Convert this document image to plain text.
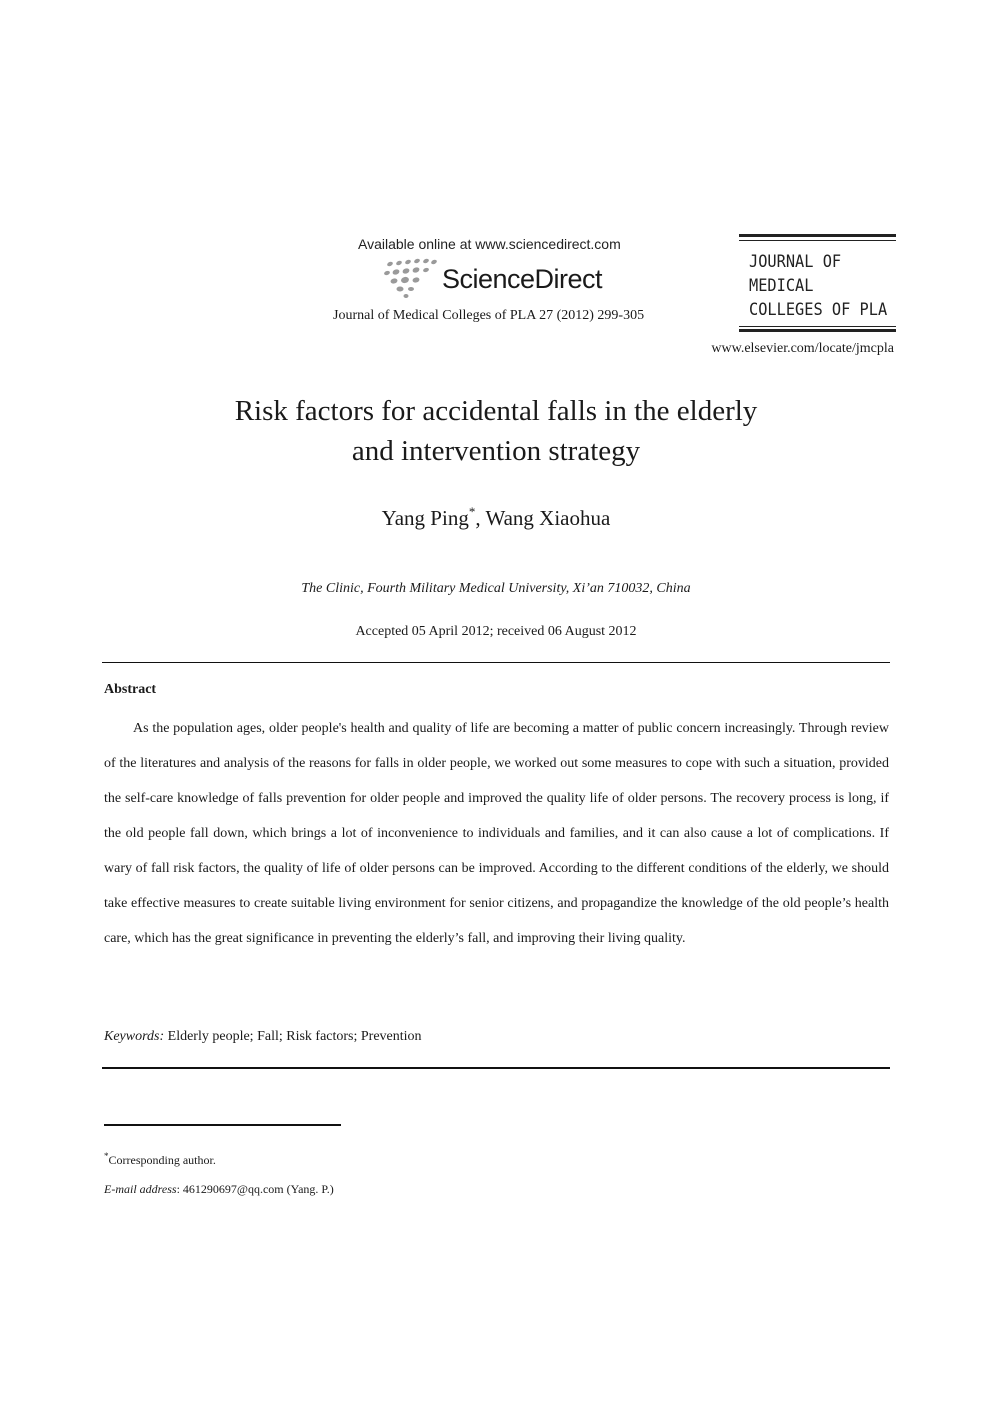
Available online at www.sciencedirect.com
ScienceDirect
Journal of Medical Colleges of PLA 27 (2012) 299-305
JOURNAL OF
MEDICAL
COLLEGES OF PLA
www.elsevier.com/locate/jmcpla
Risk factors for accidental falls in the elderly
and intervention strategy
Yang Ping*, Wang Xiaohua
The Clinic, Fourth Military Medical University, Xi’an 710032, China
Accepted 05 April 2012; received 06 August 2012
Abstract
As the population ages, older people's health and quality of life are becoming a matter of public concern increasingly. Through review of the literatures and analysis of the reasons for falls in older people, we worked out some measures to cope with such a situation, provided the self-care knowledge of falls prevention for older people and improved the quality life of older persons. The recovery process is long, if the old people fall down, which brings a lot of inconvenience to individuals and families, and it can also cause a lot of complications. If wary of fall risk factors, the quality of life of older persons can be improved. According to the different conditions of the elderly, we should take effective measures to create suitable living environment for senior citizens, and propagandize the knowledge of the old people’s health care, which has the great significance in preventing the elderly’s fall, and improving their living quality.
Keywords: Elderly people; Fall; Risk factors; Prevention
*Corresponding author.
E-mail address: 461290697@qq.com (Yang. P.)
